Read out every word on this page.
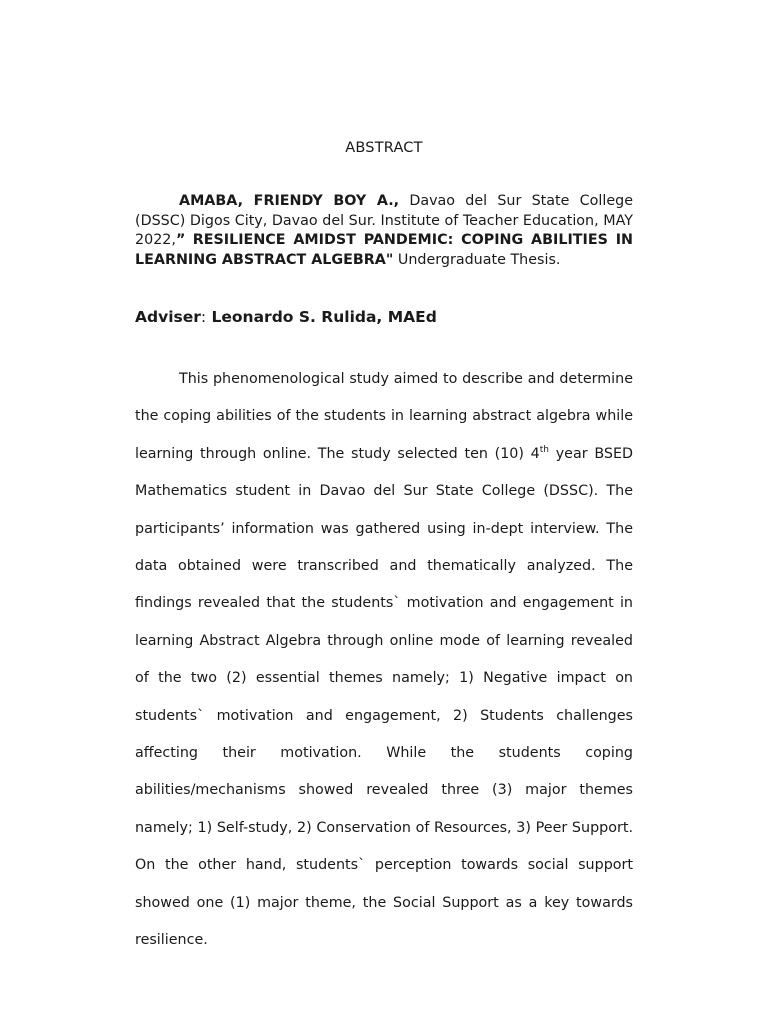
ABSTRACT
AMABA, FRIENDY BOY A., Davao del Sur State College (DSSC) Digos City, Davao del Sur. Institute of Teacher Education, MAY 2022,” RESILIENCE AMIDST PANDEMIC: COPING ABILITIES IN LEARNING ABSTRACT ALGEBRA" Undergraduate Thesis.
Adviser: Leonardo S. Rulida, MAEd
This phenomenological study aimed to describe and determine the coping abilities of the students in learning abstract algebra while learning through online. The study selected ten (10) 4th year BSED Mathematics student in Davao del Sur State College (DSSC). The participants’ information was gathered using in-dept interview. The data obtained were transcribed and thematically analyzed. The findings revealed that the students` motivation and engagement in learning Abstract Algebra through online mode of learning revealed of the two (2) essential themes namely; 1) Negative impact on students` motivation and engagement, 2) Students challenges affecting their motivation. While the students coping abilities/mechanisms showed revealed three (3) major themes namely; 1) Self-study, 2) Conservation of Resources, 3) Peer Support. On the other hand, students` perception towards social support showed one (1) major theme, the Social Support as a key towards resilience.
